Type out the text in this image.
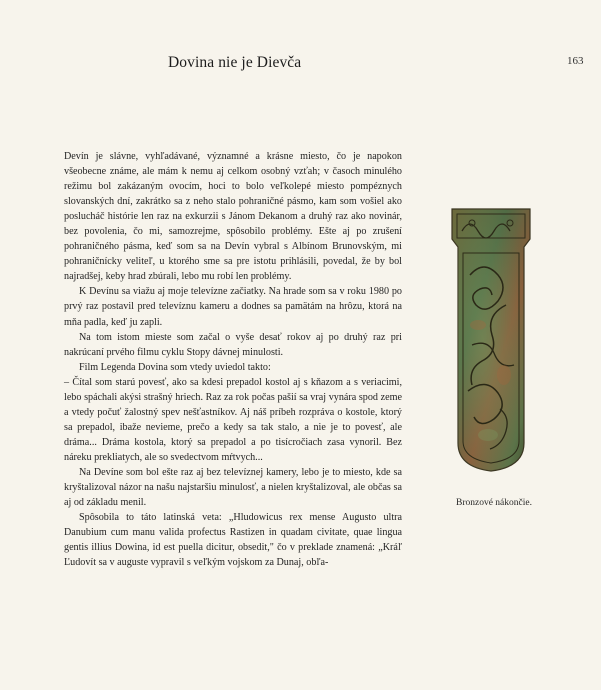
Dovina nie je Dievča	163

Devín je slávne, vyhľadávané, významné a krásne miesto, čo je napokon všeobecne známe, ale mám k nemu aj celkom osobný vzťah; v časoch minulého režimu bol zakázaným ovocím, hoci to bolo veľkolepé miesto pompéznych slovanských dní, zakrátko sa z neho stalo pohraničné pásmo, kam som vošiel ako poslucháč histórie len raz na exkurzii s Jánom Dekanom a druhý raz ako novinár, bez povolenia, čo mi, samozrejme, spôsobilo problémy. Ešte aj po zrušení pohraničného pásma, keď som sa na Devín vybral s Albínom Brunovským, mi pohraničnícky veliteľ, u ktorého sme sa pre istotu prihlásili, povedal, že by bol najradšej, keby hrad zbúrali, lebo mu robí len problémy.

K Devínu sa viažu aj moje televízne začiatky. Na hrade som sa v roku 1980 po prvý raz postavil pred televíznu kameru a dodnes sa pamätám na hrôzu, ktorá na mňa padla, keď ju zapli.

Na tom istom mieste som začal o vyše desať rokov aj po druhý raz pri nakrúcaní prvého filmu cyklu Stopy dávnej minulosti.

Film Legenda Dovina som vtedy uviedol takto:

– Čítal som starú povesť, ako sa kdesi prepadol kostol aj s kňazom a s veriacimi, lebo spáchali akýsi strašný hriech. Raz za rok počas pašií sa vraj vynára spod zeme a vtedy počuť žalostný spev nešťastníkov. Aj náš príbeh rozpráva o kostole, ktorý sa prepadol, ibaže nevieme, prečo a kedy sa tak stalo, a nie je to povesť, ale dráma... Dráma kostola, ktorý sa prepadol a po tisícročiach zasa vynoril. Bez náreku prekliatych, ale so svedectvom mŕtvych...

Na Devíne som bol ešte raz aj bez televíznej kamery, lebo je to miesto, kde sa kryštalizoval názor na našu najstaršiu minulosť, a nielen kryštalizoval, ale občas sa aj od základu menil.

Spôsobila to táto latinská veta: „Hludowicus rex mense Augusto ultra Danubium cum manu valida profectus Rastizen in quadam civitate, quae lingua gentis illius Dowina, id est puella dicitur, obsedit," čo v preklade znamená: „Kráľ Ľudovít sa v auguste vypravil s veľkým vojskom za Dunaj, obľa-

Bronzové nákončie.
